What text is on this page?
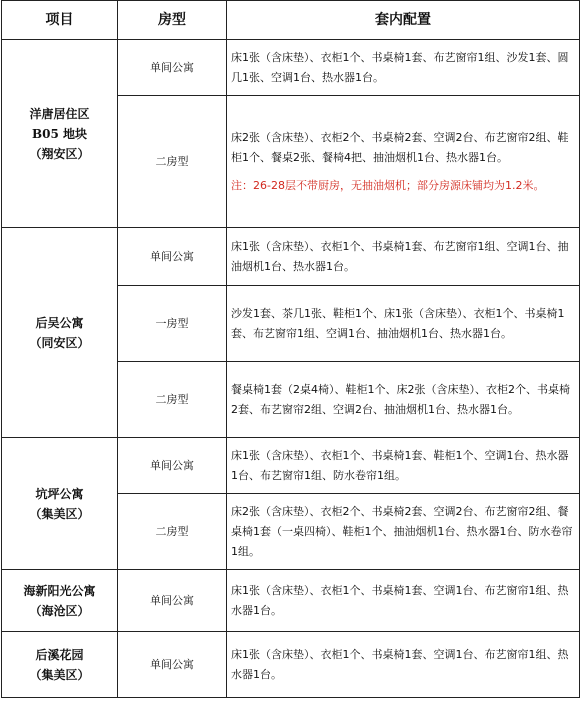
项目	房型	套内配置

洋唐居住区
B05 地块
（翔安区）	单间公寓	床1张（含床垫）、衣柜1个、书桌椅1套、布艺窗帘1组、沙发1套、圆几1张、空调1台、热水器1台。
	二房型	床2张（含床垫）、衣柜2个、书桌椅2套、空调2台、布艺窗帘2组、鞋柜1个、餐桌2张、餐椅4把、抽油烟机1台、热水器1台。
注：26-28层不带厨房，无抽油烟机；部分房源床铺均为1.2米。

后吴公寓
（同安区）	单间公寓	床1张（含床垫）、衣柜1个、书桌椅1套、布艺窗帘1组、空调1台、抽油烟机1台、热水器1台。
	一房型	沙发1套、茶几1张、鞋柜1个、床1张（含床垫）、衣柜1个、书桌椅1套、布艺窗帘1组、空调1台、抽油烟机1台、热水器1台。
	二房型	餐桌椅1套（2桌4椅）、鞋柜1个、床2张（含床垫）、衣柜2个、书桌椅2套、布艺窗帘2组、空调2台、抽油烟机1台、热水器1台。

坑坪公寓
（集美区）	单间公寓	床1张（含床垫）、衣柜1个、书桌椅1套、鞋柜1个、空调1台、热水器1台、布艺窗帘1组、防水卷帘1组。
	二房型	床2张（含床垫）、衣柜2个、书桌椅2套、空调2台、布艺窗帘2组、餐桌椅1套（一桌四椅）、鞋柜1个、抽油烟机1台、热水器1台、防水卷帘1组。

海新阳光公寓
（海沧区）	单间公寓	床1张（含床垫）、衣柜1个、书桌椅1套、空调1台、布艺窗帘1组、热水器1台。

后溪花园
（集美区）	单间公寓	床1张（含床垫）、衣柜1个、书桌椅1套、空调1台、布艺窗帘1组、热水器1台。
